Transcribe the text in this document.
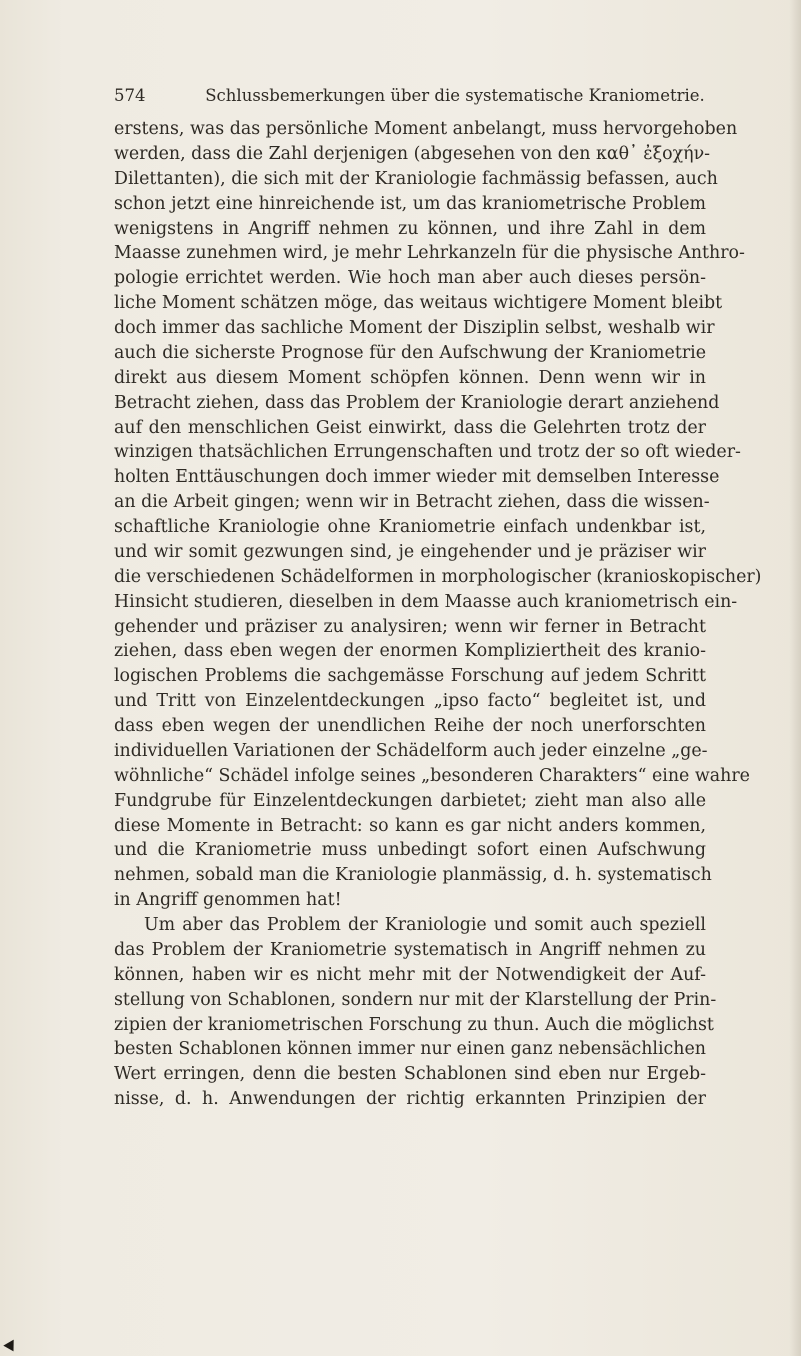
574	Schlussbemerkungen über die systematische Kraniometrie.
erstens, was das persönliche Moment anbelangt, muss hervorgehoben
werden, dass die Zahl derjenigen (abgesehen von den καθ᾽ ἐξοχήν-
Dilettanten), die sich mit der Kraniologie fachmässig befassen, auch
schon jetzt eine hinreichende ist, um das kraniometrische Problem
wenigstens in Angriff nehmen zu können, und ihre Zahl in dem
Maasse zunehmen wird, je mehr Lehrkanzeln für die physische Anthro-
pologie errichtet werden. Wie hoch man aber auch dieses persön-
liche Moment schätzen möge, das weitaus wichtigere Moment bleibt
doch immer das sachliche Moment der Disziplin selbst, weshalb wir
auch die sicherste Prognose für den Aufschwung der Kraniometrie
direkt aus diesem Moment schöpfen können. Denn wenn wir in
Betracht ziehen, dass das Problem der Kraniologie derart anziehend
auf den menschlichen Geist einwirkt, dass die Gelehrten trotz der
winzigen thatsächlichen Errungenschaften und trotz der so oft wieder-
holten Enttäuschungen doch immer wieder mit demselben Interesse
an die Arbeit gingen; wenn wir in Betracht ziehen, dass die wissen-
schaftliche Kraniologie ohne Kraniometrie einfach undenkbar ist,
und wir somit gezwungen sind, je eingehender und je präziser wir
die verschiedenen Schädelformen in morphologischer (kranioskopischer)
Hinsicht studieren, dieselben in dem Maasse auch kraniometrisch ein-
gehender und präziser zu analysiren; wenn wir ferner in Betracht
ziehen, dass eben wegen der enormen Kompliziertheit des kranio-
logischen Problems die sachgemässe Forschung auf jedem Schritt
und Tritt von Einzelentdeckungen „ipso facto“ begleitet ist, und
dass eben wegen der unendlichen Reihe der noch unerforschten
individuellen Variationen der Schädelform auch jeder einzelne „ge-
wöhnliche“ Schädel infolge seines „besonderen Charakters“ eine wahre
Fundgrube für Einzelentdeckungen darbietet; zieht man also alle
diese Momente in Betracht: so kann es gar nicht anders kommen,
und die Kraniometrie muss unbedingt sofort einen Aufschwung
nehmen, sobald man die Kraniologie planmässig, d. h. systematisch
in Angriff genommen hat!
Um aber das Problem der Kraniologie und somit auch speziell
das Problem der Kraniometrie systematisch in Angriff nehmen zu
können, haben wir es nicht mehr mit der Notwendigkeit der Auf-
stellung von Schablonen, sondern nur mit der Klarstellung der Prin-
zipien der kraniometrischen Forschung zu thun. Auch die möglichst
besten Schablonen können immer nur einen ganz nebensächlichen
Wert erringen, denn die besten Schablonen sind eben nur Ergeb-
nisse, d. h. Anwendungen der richtig erkannten Prinzipien der
